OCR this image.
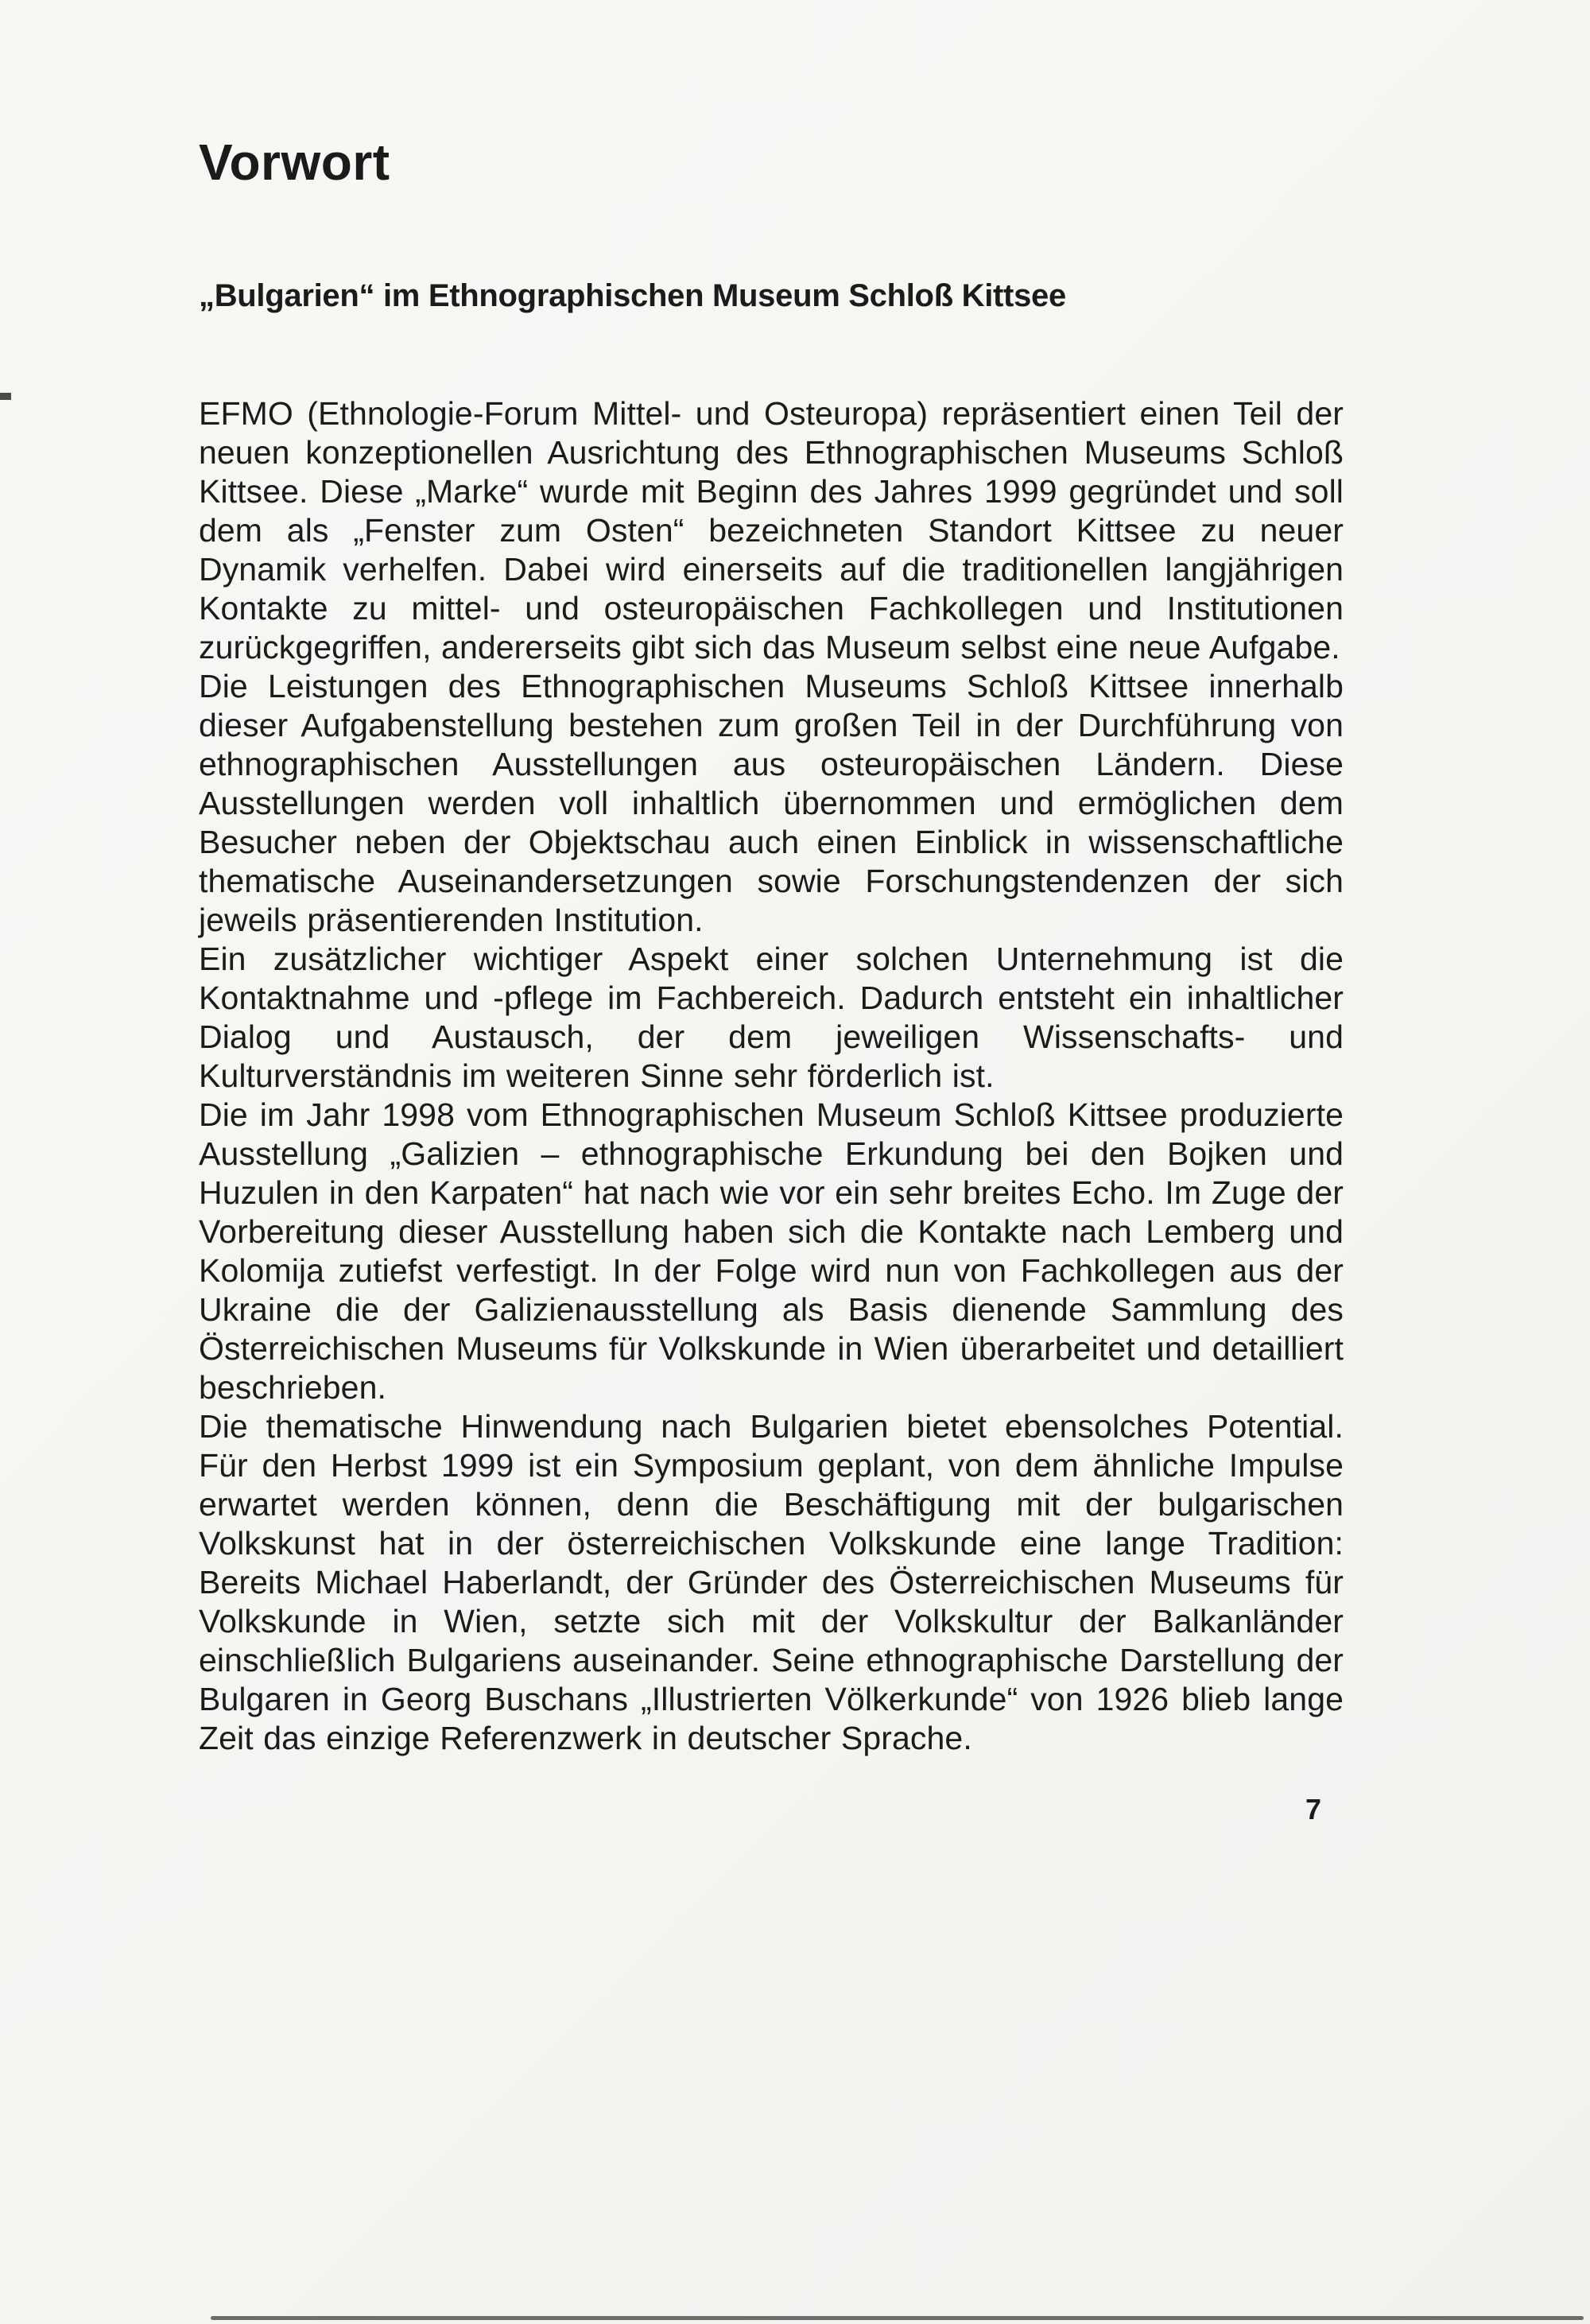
Vorwort
„Bulgarien“ im Ethnographischen Museum Schloß Kittsee

EFMO (Ethnologie-Forum Mittel- und Osteuropa) repräsentiert einen Teil der neuen konzeptionellen Ausrichtung des Ethnographischen Museums Schloß Kittsee. Diese „Marke“ wurde mit Beginn des Jahres 1999 gegründet und soll dem als „Fenster zum Osten“ bezeichneten Standort Kittsee zu neuer Dynamik verhelfen. Dabei wird einerseits auf die traditionellen langjährigen Kontakte zu mittel- und osteuropäischen Fachkollegen und Institutionen zurückgegriffen, andererseits gibt sich das Museum selbst eine neue Aufgabe.

Die Leistungen des Ethnographischen Museums Schloß Kittsee innerhalb dieser Aufgabenstellung bestehen zum großen Teil in der Durchführung von ethnographischen Ausstellungen aus osteuropäischen Ländern. Diese Ausstellungen werden voll inhaltlich übernommen und ermöglichen dem Besucher neben der Objektschau auch einen Einblick in wissenschaftliche thematische Auseinandersetzungen sowie Forschungstendenzen der sich jeweils präsentierenden Institution.

Ein zusätzlicher wichtiger Aspekt einer solchen Unternehmung ist die Kontaktnahme und -pflege im Fachbereich. Dadurch entsteht ein inhaltlicher Dialog und Austausch, der dem jeweiligen Wissenschafts- und Kulturverständnis im weiteren Sinne sehr förderlich ist.

Die im Jahr 1998 vom Ethnographischen Museum Schloß Kittsee produzierte Ausstellung „Galizien – ethnographische Erkundung bei den Bojken und Huzulen in den Karpaten“ hat nach wie vor ein sehr breites Echo. Im Zuge der Vorbereitung dieser Ausstellung haben sich die Kontakte nach Lemberg und Kolomija zutiefst verfestigt. In der Folge wird nun von Fachkollegen aus der Ukraine die der Galizienausstellung als Basis dienende Sammlung des Österreichischen Museums für Volkskunde in Wien überarbeitet und detailliert beschrieben.

Die thematische Hinwendung nach Bulgarien bietet ebensolches Potential. Für den Herbst 1999 ist ein Symposium geplant, von dem ähnliche Impulse erwartet werden können, denn die Beschäftigung mit der bulgarischen Volkskunst hat in der österreichischen Volkskunde eine lange Tradition: Bereits Michael Haberlandt, der Gründer des Österreichischen Museums für Volkskunde in Wien, setzte sich mit der Volkskultur der Balkanländer einschließlich Bulgariens auseinander. Seine ethnographische Darstellung der Bulgaren in Georg Buschans „Illustrierten Völkerkunde“ von 1926 blieb lange Zeit das einzige Referenzwerk in deutscher Sprache.

7
